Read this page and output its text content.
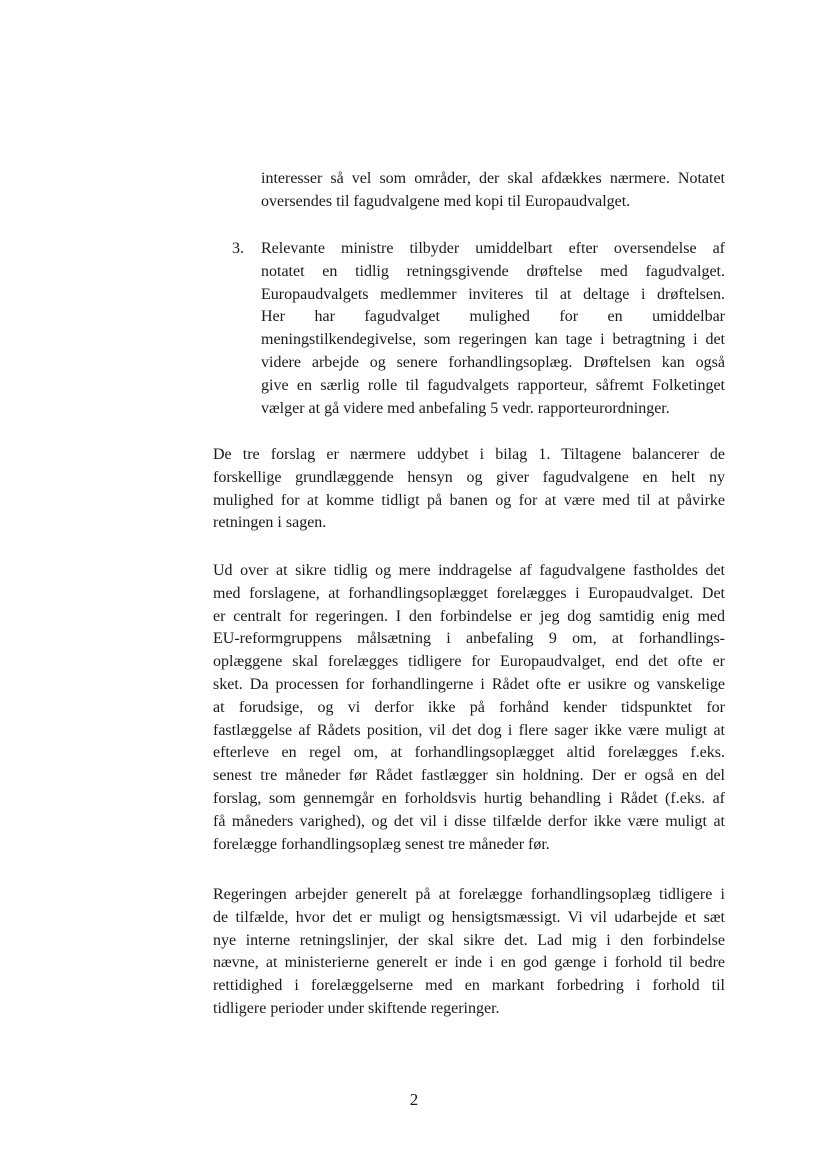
interesser så vel som områder, der skal afdækkes nærmere. Notatet
oversendes til fagudvalgene med kopi til Europaudvalget.
3.	Relevante ministre tilbyder umiddelbart efter oversendelse af
notatet en tidlig retningsgivende drøftelse med fagudvalget.
Europaudvalgets medlemmer inviteres til at deltage i drøftelsen.
Her har fagudvalget mulighed for en umiddelbar
meningstilkendegivelse, som regeringen kan tage i betragtning i det
videre arbejde og senere forhandlingsoplæg. Drøftelsen kan også
give en særlig rolle til fagudvalgets rapporteur, såfremt Folketinget
vælger at gå videre med anbefaling 5 vedr. rapporteurordninger.
De tre forslag er nærmere uddybet i bilag 1. Tiltagene balancerer de
forskellige grundlæggende hensyn og giver fagudvalgene en helt ny
mulighed for at komme tidligt på banen og for at være med til at påvirke
retningen i sagen.
Ud over at sikre tidlig og mere inddragelse af fagudvalgene fastholdes det
med forslagene, at forhandlingsoplægget forelægges i Europaudvalget. Det
er centralt for regeringen. I den forbindelse er jeg dog samtidig enig med
EU-reformgruppens målsætning i anbefaling 9 om, at forhandlings-
oplæggene skal forelægges tidligere for Europaudvalget, end det ofte er
sket. Da processen for forhandlingerne i Rådet ofte er usikre og vanskelige
at forudsige, og vi derfor ikke på forhånd kender tidspunktet for
fastlæggelse af Rådets position, vil det dog i flere sager ikke være muligt at
efterleve en regel om, at forhandlingsoplægget altid forelægges f.eks.
senest tre måneder før Rådet fastlægger sin holdning. Der er også en del
forslag, som gennemgår en forholdsvis hurtig behandling i Rådet (f.eks. af
få måneders varighed), og det vil i disse tilfælde derfor ikke være muligt at
forelægge forhandlingsoplæg senest tre måneder før.
Regeringen arbejder generelt på at forelægge forhandlingsoplæg tidligere i
de tilfælde, hvor det er muligt og hensigtsmæssigt. Vi vil udarbejde et sæt
nye interne retningslinjer, der skal sikre det. Lad mig i den forbindelse
nævne, at ministerierne generelt er inde i en god gænge i forhold til bedre
rettidighed i forelæggelserne med en markant forbedring i forhold til
tidligere perioder under skiftende regeringer.
2
